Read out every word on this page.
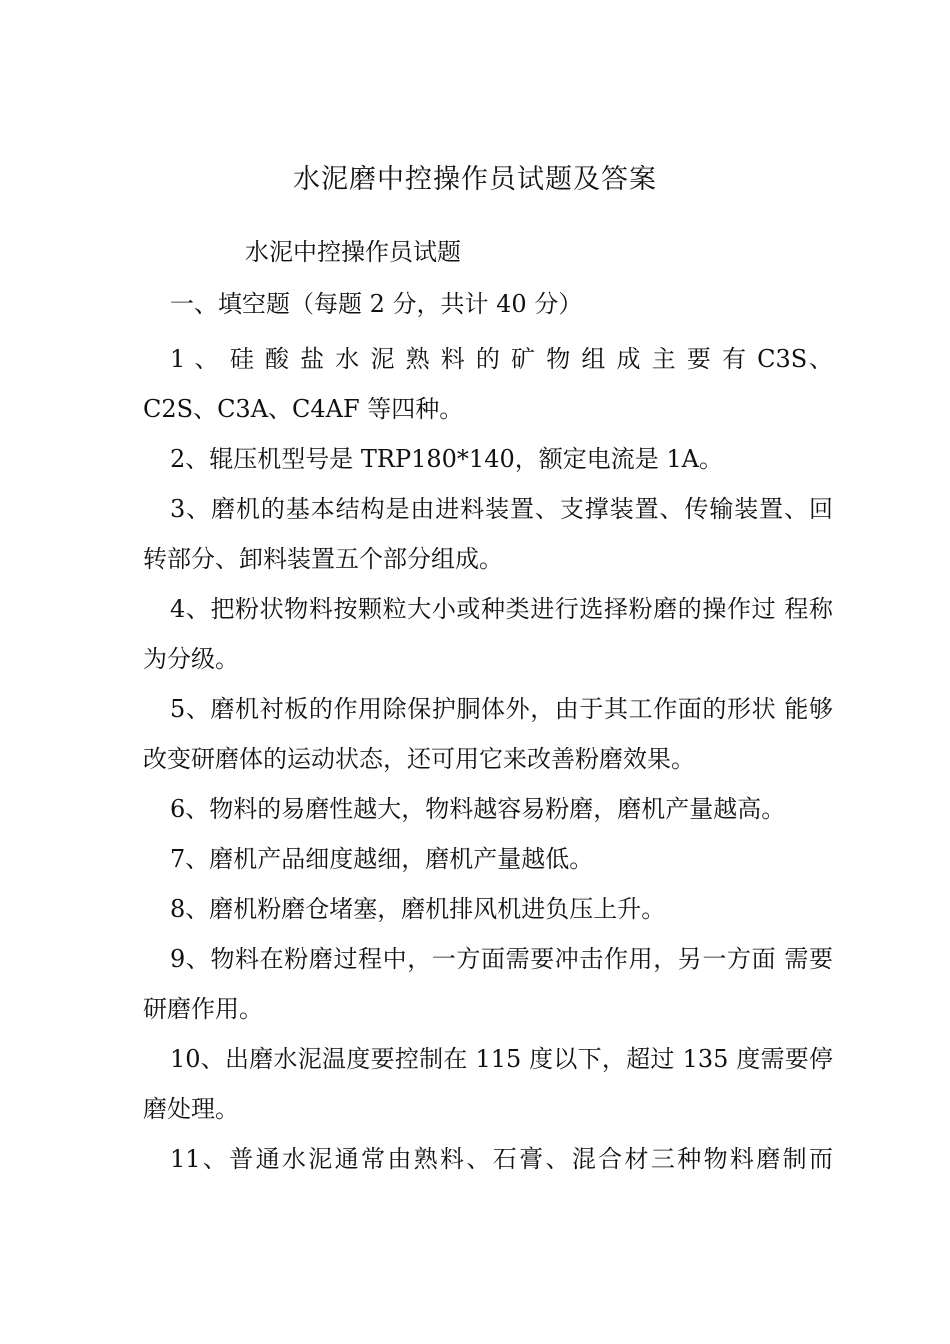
水泥磨中控操作员试题及答案
水泥中控操作员试题
一、填空题（每题 2 分，共计 40 分）

1 、 硅 酸 盐 水 泥 熟 料 的 矿 物 组 成 主 要 有 C3S、C2S、C3A、C4AF 等四种。

2、辊压机型号是 TRP180*140，额定电流是 1A。

3、磨机的基本结构是由进料装置、支撑装置、传输装置、回转部分、卸料装置五个部分组成。

4、把粉状物料按颗粒大小或种类进行选择粉磨的操作过 程称为分级。

5、磨机衬板的作用除保护胴体外，由于其工作面的形状 能够改变研磨体的运动状态，还可用它来改善粉磨效果。

6、物料的易磨性越大，物料越容易粉磨，磨机产量越高。

7、磨机产品细度越细，磨机产量越低。

8、磨机粉磨仓堵塞，磨机排风机进负压上升。

9、物料在粉磨过程中，一方面需要冲击作用，另一方面 需要研磨作用。

10、出磨水泥温度要控制在 115 度以下，超过 135 度需要停磨处理。

11、普通水泥通常由熟料、石膏、混合材三种物料磨制而
